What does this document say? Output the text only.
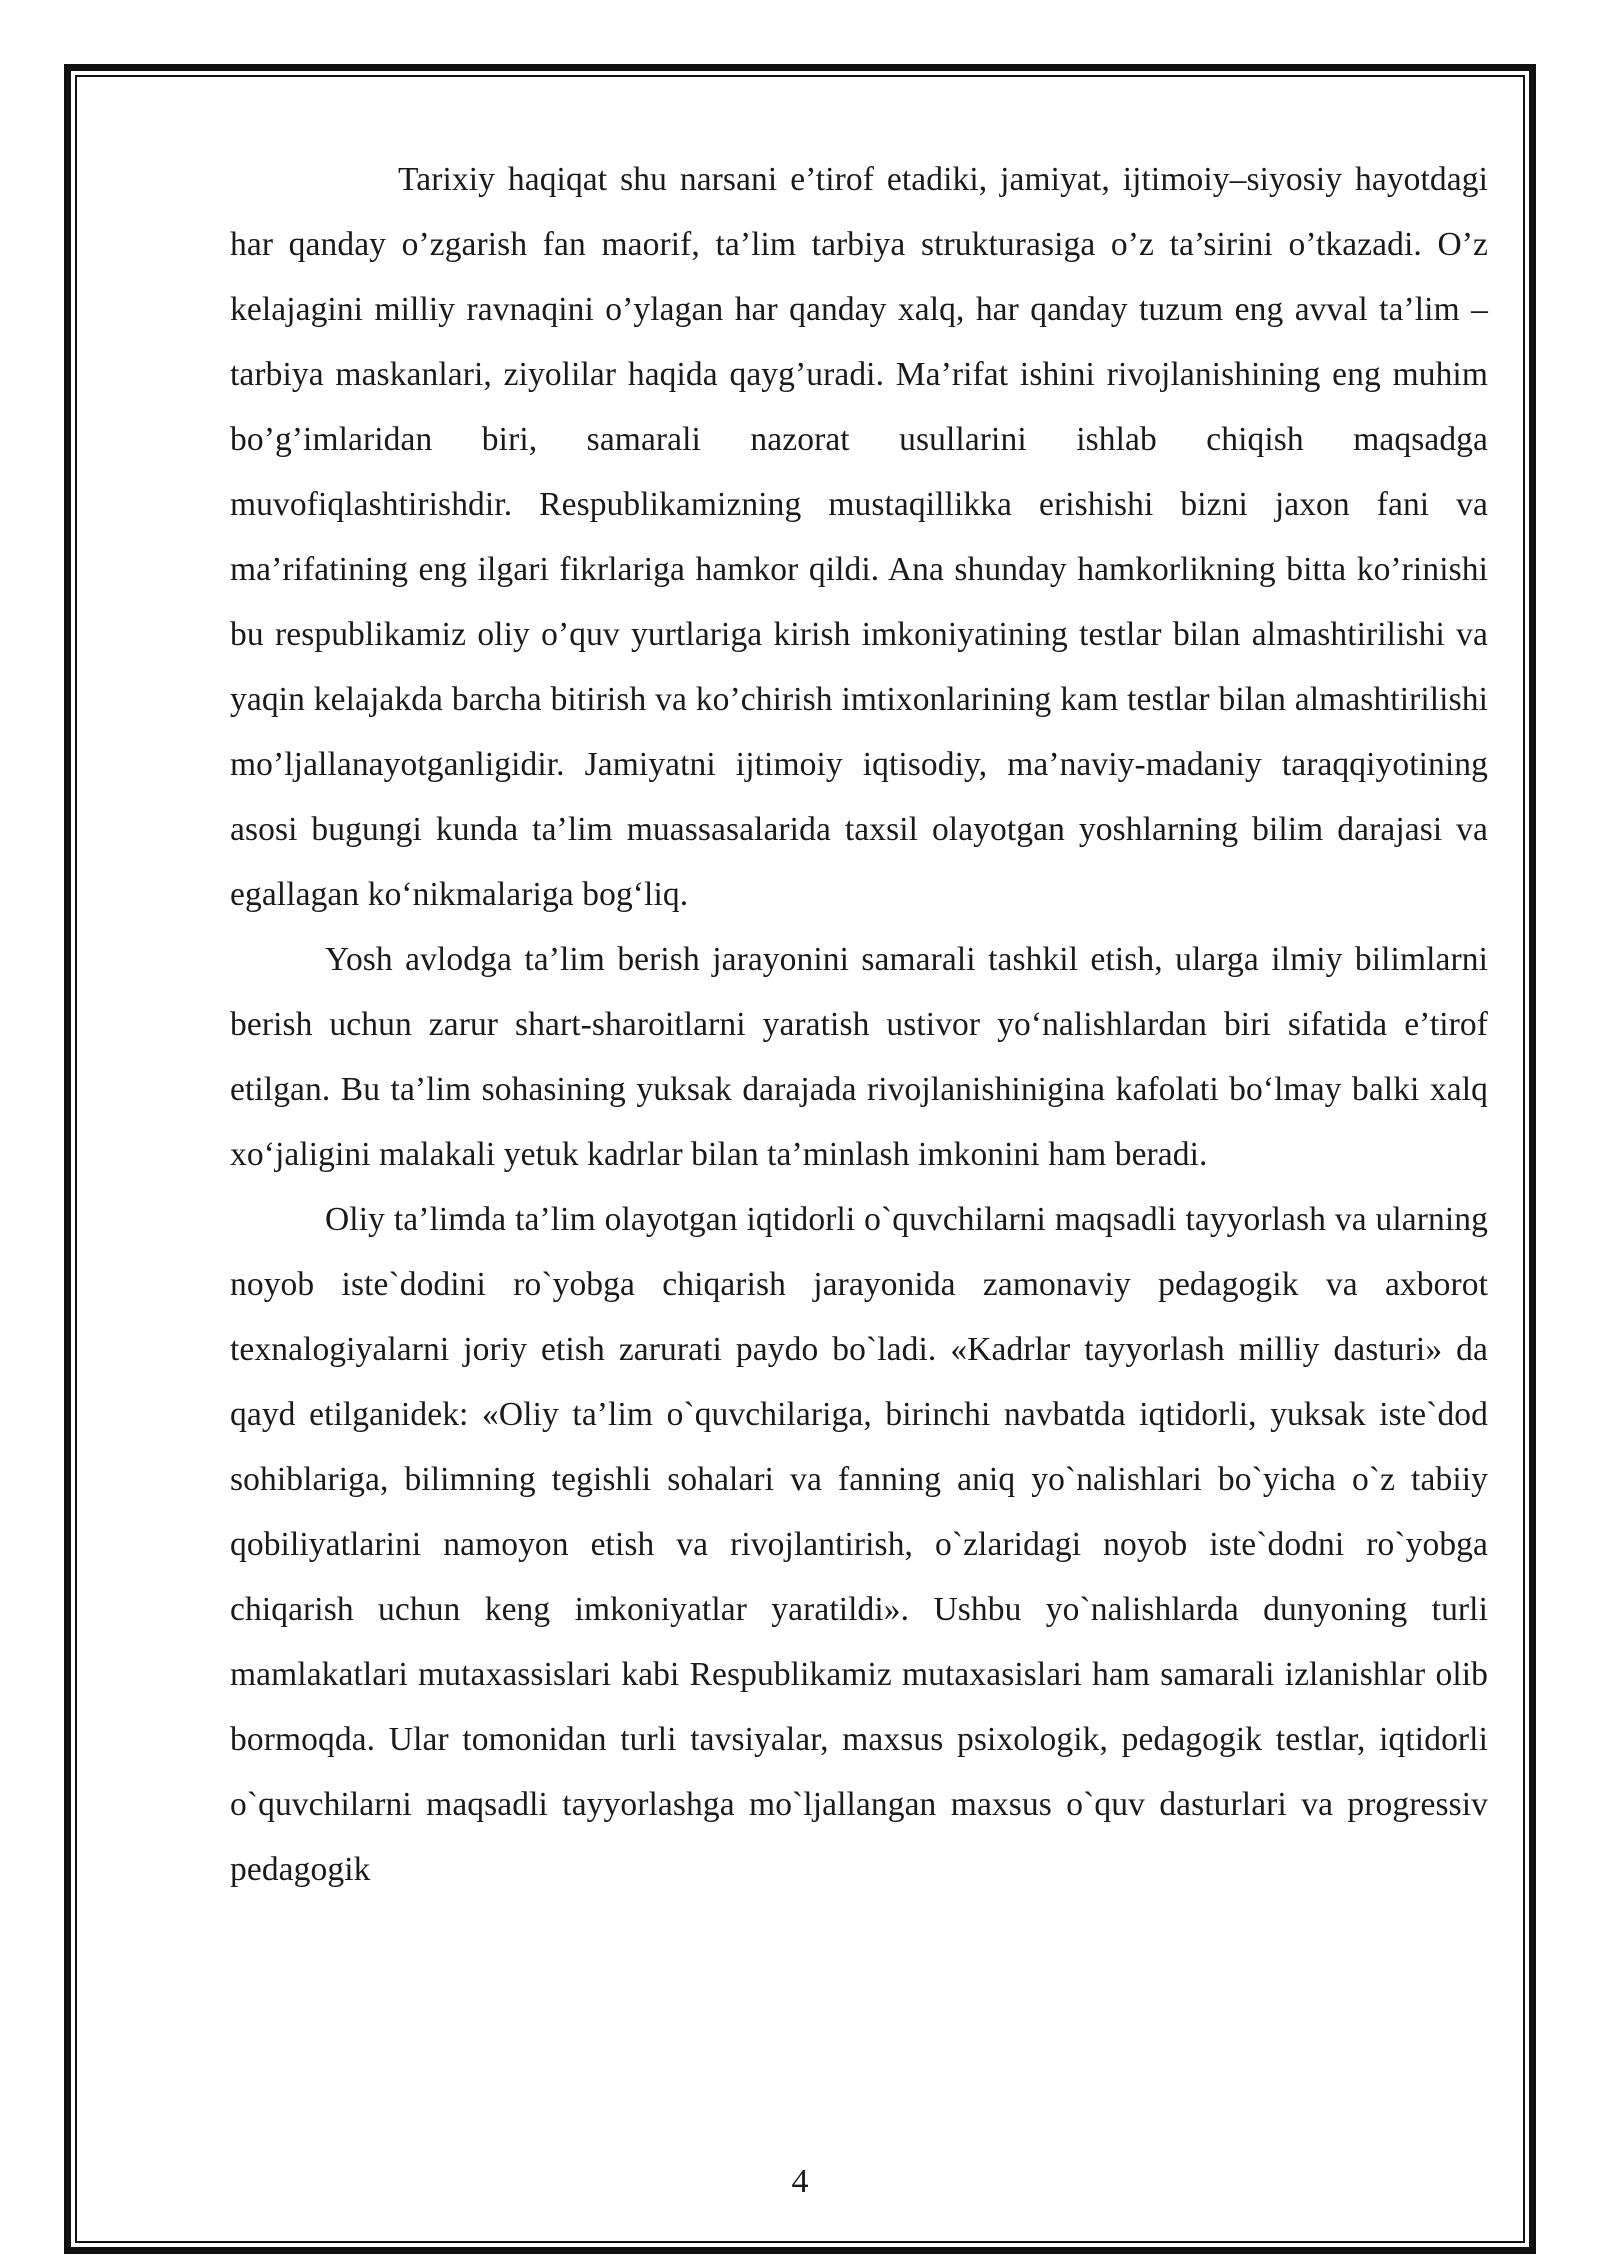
Tarixiy haqiqat shu narsani e’tirof etadiki, jamiyat, ijtimoiy–siyosiy hayotdagi har qanday o’zgarish fan maorif, ta’lim tarbiya strukturasiga o’z ta’sirini o’tkazadi. O’z kelajagini milliy ravnaqini o’ylagan har qanday xalq, har qanday tuzum eng avval ta’lim – tarbiya maskanlari, ziyolilar haqida qayg’uradi. Ma’rifat ishini rivojlanishining eng muhim bo’g’imlaridan biri, samarali nazorat usullarini ishlab chiqish maqsadga muvofiqlashtirishdir. Respublikamizning mustaqillikka erishishi bizni jaxon fani va ma’rifatining eng ilgari fikrlariga hamkor qildi. Ana shunday hamkorlikning bitta ko’rinishi bu respublikamiz oliy o’quv yurtlariga kirish imkoniyatining testlar bilan almashtirilishi va yaqin kelajakda barcha bitirish va ko’chirish imtixonlarining kam testlar bilan almashtirilishi mo’ljallanayotganligidir. Jamiyatni ijtimoiy iqtisodiy, ma’naviy-madaniy taraqqiyotining asosi bugungi kunda ta’lim muassasalarida taxsil olayotgan yoshlarning bilim darajasi va egallagan ko‘nikmalariga bog‘liq.

Yosh avlodga ta’lim berish jarayonini samarali tashkil etish, ularga ilmiy bilimlarni berish uchun zarur shart-sharoitlarni yaratish ustivor yo‘nalishlardan biri sifatida e’tirof etilgan. Bu ta’lim sohasining yuksak darajada rivojlanishinigina kafolati bo‘lmay balki xalq xo‘jaligini malakali yetuk kadrlar bilan ta’minlash imkonini ham beradi.

Oliy ta’limda ta’lim olayotgan iqtidorli o`quvchilarni maqsadli tayyorlash va ularning noyob iste`dodini ro`yobga chiqarish jarayonida zamonaviy pedagogik va axborot texnalogiyalarni joriy etish zarurati paydo bo`ladi. «Kadrlar tayyorlash milliy dasturi» da qayd etilganidek: «Oliy ta’lim o`quvchilariga, birinchi navbatda iqtidorli, yuksak iste`dod sohiblariga, bilimning tegishli sohalari va fanning aniq yo`nalishlari bo`yicha o`z tabiiy qobiliyatlarini namoyon etish va rivojlantirish, o`zlaridagi noyob iste`dodni ro`yobga chiqarish uchun keng imkoniyatlar yaratildi». Ushbu yo`nalishlarda dunyoning turli mamlakatlari mutaxassislari kabi Respublikamiz mutaxasislari ham samarali izlanishlar olib bormoqda. Ular tomonidan turli tavsiyalar, maxsus psixologik, pedagogik testlar, iqtidorli o`quvchilarni maqsadli tayyorlashga mo`ljallangan maxsus o`quv dasturlari va progressiv pedagogik

4
